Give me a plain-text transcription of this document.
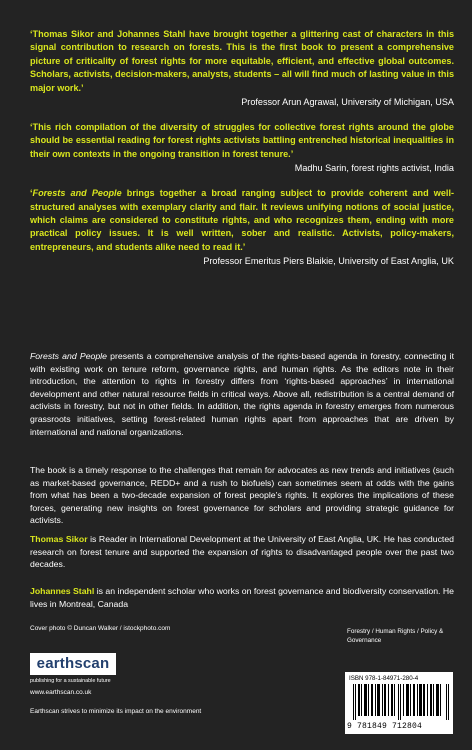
‘Thomas Sikor and Johannes Stahl have brought together a glittering cast of characters in this signal contribution to research on forests. This is the first book to present a comprehensive picture of criticality of forest rights for more equitable, efficient, and effective global outcomes. Scholars, activists, decision-makers, analysts, students – all will find much of lasting value in this major work.’

Professor Arun Agrawal, University of Michigan, USA

‘This rich compilation of the diversity of struggles for collective forest rights around the globe should be essential reading for forest rights activists battling entrenched historical inequalities in their own contexts in the ongoing transition in forest tenure.’

Madhu Sarin, forest rights activist, India

‘Forests and People brings together a broad ranging subject to provide coherent and well-structured analyses with exemplary clarity and flair. It reviews unifying notions of social justice, which claims are considered to constitute rights, and who recognizes them, ending with more practical policy issues. It is well written, sober and realistic. Activists, policy-makers, entrepreneurs, and students alike need to read it.’

Professor Emeritus Piers Blaikie, University of East Anglia, UK

Forests and People presents a comprehensive analysis of the rights-based agenda in forestry, connecting it with existing work on tenure reform, governance rights, and human rights. As the editors note in their introduction, the attention to rights in forestry differs from ‘rights-based approaches’ in international development and other natural resource fields in critical ways. Above all, redistribution is a central demand of activists in forestry, but not in other fields. In addition, the rights agenda in forestry emerges from numerous grassroots initiatives, setting forest-related human rights apart from approaches that are driven by international and national organizations.

The book is a timely response to the challenges that remain for advocates as new trends and initiatives (such as market-based governance, REDD+ and a rush to biofuels) can sometimes seem at odds with the gains from what has been a two-decade expansion of forest people’s rights. It explores the implications of these forces, generating new insights on forest governance for scholars and providing strategic guidance for activists.

Thomas Sikor is Reader in International Development at the University of East Anglia, UK. He has conducted research on forest tenure and supported the expansion of rights to disadvantaged people over the past two decades.

Johannes Stahl is an independent scholar who works on forest governance and biodiversity conservation. He lives in Montreal, Canada

Cover photo © Duncan Walker / istockphoto.com
earthscan
publishing for a sustainable future
www.earthscan.co.uk
Earthscan strives to minimize its impact on the environment

Forestry / Human Rights / Policy & Governance

ISBN 978-1-84971-280-4
9 781849 712804
